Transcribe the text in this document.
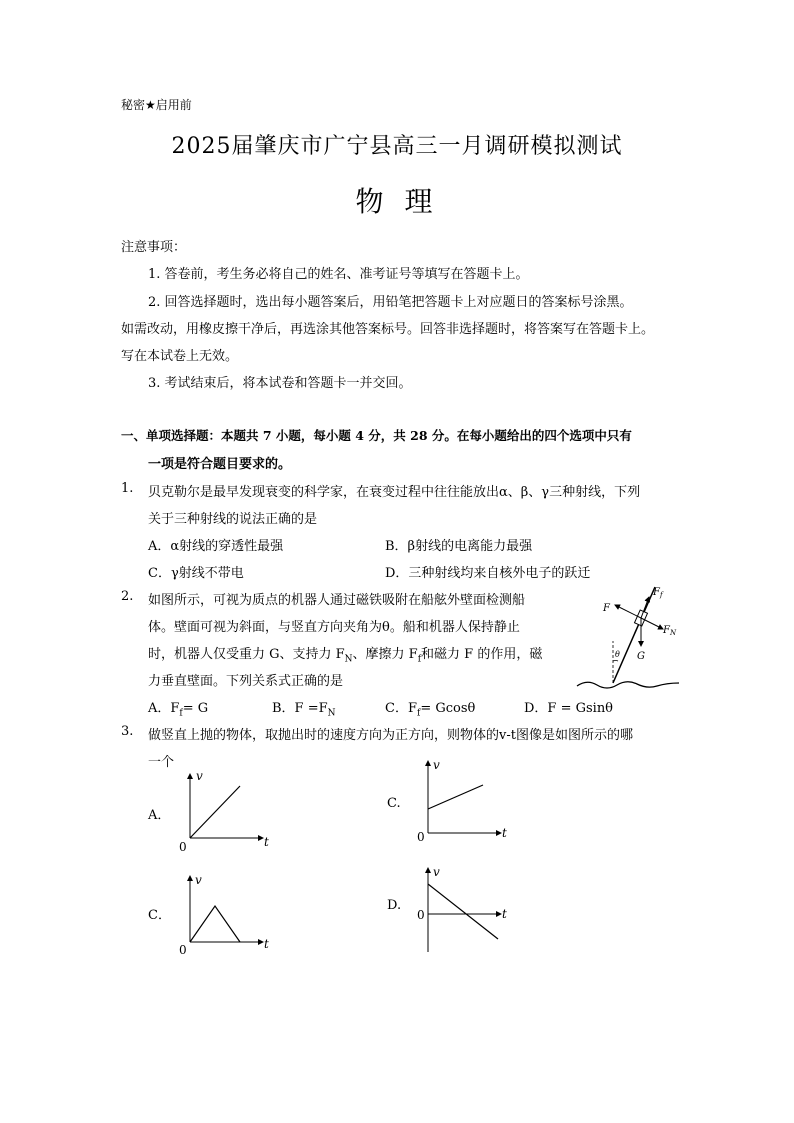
秘密★启用前
2025届肇庆市广宁县高三一月调研模拟测试
物 理
注意事项：
1. 答卷前，考生务必将自己的姓名、准考证号等填写在答题卡上。
2. 回答选择题时，选出每小题答案后，用铅笔把答题卡上对应题日的答案标号涂黑。
如需改动，用橡皮擦干净后，再选涂其他答案标号。回答非选择题时，将答案写在答题卡上。
写在本试卷上无效。
3. 考试结束后，将本试卷和答题卡一并交回。
一、单项选择题：本题共 7 小题，每小题 4 分，共 28 分。在每小题给出的四个选项中只有
一项是符合题目要求的。
1. 贝克勒尔是最早发现衰变的科学家，在衰变过程中往往能放出α、β、γ三种射线，下列
关于三种射线的说法正确的是
A．α射线的穿透性最强	B．β射线的电离能力最强
C．γ射线不带电	D．三种射线均来自核外电子的跃迁
2. 如图所示，可视为质点的机器人通过磁铁吸附在船舷外壁面检测船
体。壁面可视为斜面，与竖直方向夹角为θ。船和机器人保持静止
时，机器人仅受重力 G、支持力 $F_N$、摩擦力 $F_f$和磁力 F 的作用，磁
力垂直壁面。下列关系式正确的是
A．$F_f= G$	B．$F =F_N$	C．$F_f= Gcos\theta$	D．F = Gsinθ
$F_f$
F
$F_N$
G
θ
3. 做竖直上抛的物体，取抛出时的速度方向为正方向，则物体的v-t图像是如图所示的哪
一个
A．
v
t
0
C.
v
t
0
C．
v
t
0
D.
v
t
0
